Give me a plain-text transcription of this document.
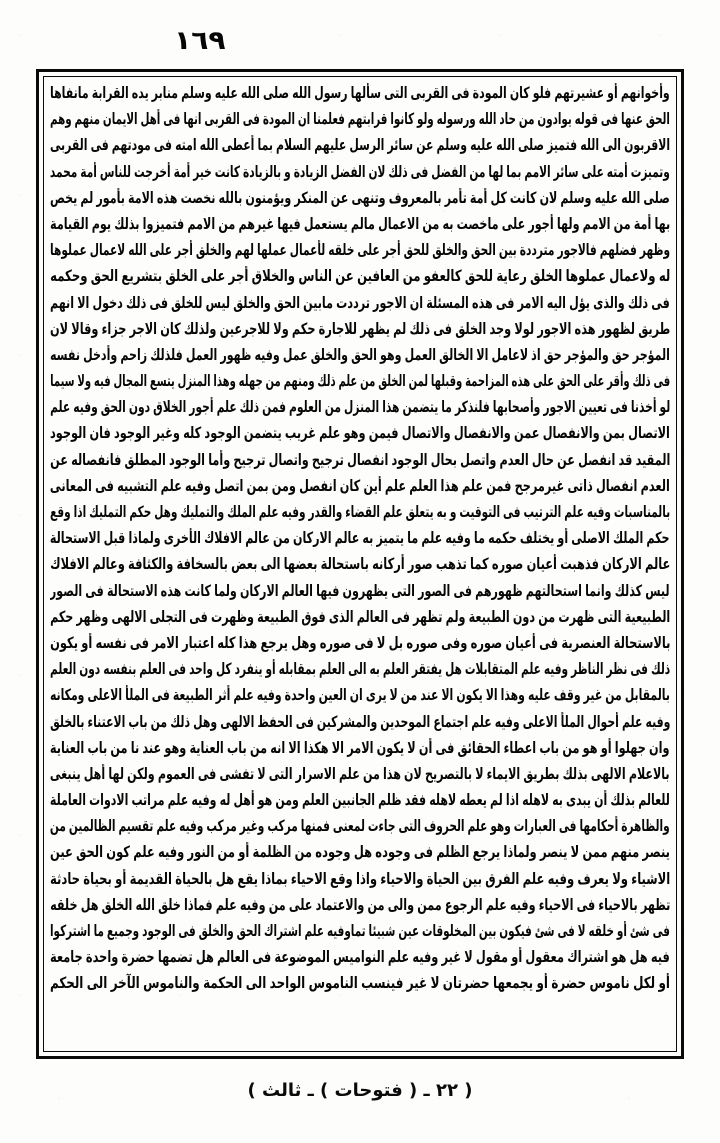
١٦٩
وأخوانهم أو عشيرتهم فلو كان المودة فى القربى التى سألها رسول الله صلى الله عليه وسلم منابر يده القرابة مانفاها
الحق عنها فى قوله يوادون من حاد الله ورسوله ولو كانوا قرابتهم فعلمنا ان المودة فى القربى انها فى أهل الايمان منهم وهم
الاقربون الى الله فتميز صلى الله عليه وسلم عن سائر الرسل عليهم السلام بما أعطى الله امته فى مودتهم فى القربى
وتميزت أمته على سائر الامم بما لها من الفضل فى ذلك لان الفضل الزيادة و بالزيادة كانت خير أمة أخرجت للناس أمة محمد
صلى الله عليه وسلم لان كانت كل أمة تأمر بالمعروف وتنهى عن المنكر ويؤمنون بالله نخصت هذه الامة بأمور لم يخص
بها أمة من الامم ولها أجور على ماخصت به من الاعمال مالم يستعمل فيها غيرهم من الامم فتميزوا بذلك يوم القيامة
وظهر فضلهم فالاجور مترددة بين الحق والخلق للحق أجر على خلقه لأعمال عملها لهم والخلق أجر على الله لاعمال عملوها
له ولاعمال عملوها الخلق رعاية للحق كالعفو من العافين عن الناس والخلاق أجر على الخلق بتشريع الحق وحكمه
فى ذلك والذى يؤل اليه الامر فى هذه المسئلة ان الاجور ترددت مابين الحق والخلق ليس للخلق فى ذلك دخول الا انهم
طريق لظهور هذه الاجور لولا وجد الخلق فى ذلك لم يظهر للاجارة حكم ولا للاجرعين ولذلك كان الاجر جزاء وقالا لان
المؤجر حق والمؤجر حق اذ لاعامل الا الخالق العمل وهو الحق والخلق عمل وفيه ظهور العمل فلذلك زاحم وأدخل نفسه
فى ذلك وأقر على الحق على هذه المزاحمة وقبلها لمن الخلق من علم ذلك ومنهم من جهله وهذا المنزل يتسع المجال فيه ولا سيما
لو أخذنا فى تعيين الاجور وأصحابها فلنذكر ما يتضمن هذا المنزل من العلوم فمن ذلك علم أجور الخلاق دون الحق وفيه علم
الاتصال بمن والانفصال عمن والانفصال والاتصال فيمن وهو علم غريب يتضمن الوجود كله وغير الوجود فان الوجود
المقيد قد انفصل عن حال العدم واتصل بحال الوجود انفصال ترجيح واتصال ترجيح وأما الوجود المطلق فانفصاله عن
العدم انفصال ذاتى غيرمرجح فمن علم هذا العلم علم أين كان انفصل ومن بمن اتصل وفيه علم التشبيه فى المعانى
بالمناسبات وفيه علم الترتيب فى التوقيت و به يتعلق علم القضاء والقدر وفيه علم الملك والتمليك وهل حكم التمليك اذا وقع
حكم الملك الاصلى أو يختلف حكمه ما وفيه علم ما يتميز به عالم الاركان من عالم الافلاك الأخرى ولماذا قبل الاستحالة
عالم الاركان فذهبت أعيان صوره كما تذهب صور أركانه باستحالة بعضها الى بعض بالسخافة والكثافة وعالم الافلاك
ليس كذلك وانما استحالتهم ظهورهم فى الصور التى يظهرون فيها العالم الاركان ولما كانت هذه الاستحالة فى الصور
الطبيعية التى ظهرت من دون الطبيعة ولم تظهر فى العالم الذى فوق الطبيعة وظهرت فى التجلى الالهى وظهر حكم
بالاستحالة العنصرية فى أعيان صوره وفى صوره بل لا فى صوره وهل يرجع هذا كله اعتبار الامر فى نفسه أو يكون
ذلك فى نظر الناظر وفيه علم المتقابلات هل يفتقر العلم به الى العلم بمقابله أو ينفرد كل واحد فى العلم بنفسه دون العلم
بالمقابل من غير وقف عليه وهذا الا يكون الا عند من لا يرى ان العين واحدة وفيه علم أثر الطبيعة فى الملأ الاعلى ومكانه
وفيه علم أحوال الملأ الاعلى وفيه علم اجتماع الموحدين والمشركين فى الحفظ الالهى وهل ذلك من باب الاعتناء بالخلق
وان جهلوا أو هو من باب اعطاء الحقائق فى أن لا يكون الامر الا هكذا الا انه من باب العناية وهو عند نا من باب العناية
بالاعلام الالهى بذلك بطريق الايماء لا بالتصريح لان هذا من علم الاسرار التى لا تفشى فى العموم ولكن لها أهل ينبغى
للعالم بذلك أن يبدى به لاهله اذا لم يعطه لاهله فقد ظلم الجانبين العلم ومن هو أهل له وفيه علم مراتب الادوات العاملة
والظاهرة أحكامها فى العبارات وهو علم الحروف التى جاءت لمعنى فمنها مركب وغير مركب وفيه علم تقسيم الظالمين من
ينصر منهم ممن لا ينصر ولماذا يرجع الظلم فى وجوده هل وجوده من الظلمة أو من النور وفيه علم كون الحق عين
الاشياء ولا يعرف وفيه علم الفرق بين الحياة والاحياء واذا وقع الاحياء بماذا يقع هل بالحياة القديمة أو بحياة حادثة
تظهر بالاحياء فى الاحياء وفيه علم الرجوع ممن والى من والاعتماد على من وفيه علم فماذا خلق الله الخلق هل خلقه
فى شئ أو خلقه لا فى شئ فيكون بين المخلوقات عين شبيئا تماوفيه علم اشتراك الحق والخلق فى الوجود وجميع ما اشتركوا
فيه هل هو اشتراك معقول أو مقول لا غير وفيه علم النواميس الموضوعة فى العالم هل تضمها حضرة واحدة جامعة
أو لكل ناموس حضرة أو يجمعها حضرتان لا غير فينسب الناموس الواحد الى الحكمة والناموس الآخر الى الحكم
( ٢٢ ـ ( فتوحات ) ـ ثالث )
